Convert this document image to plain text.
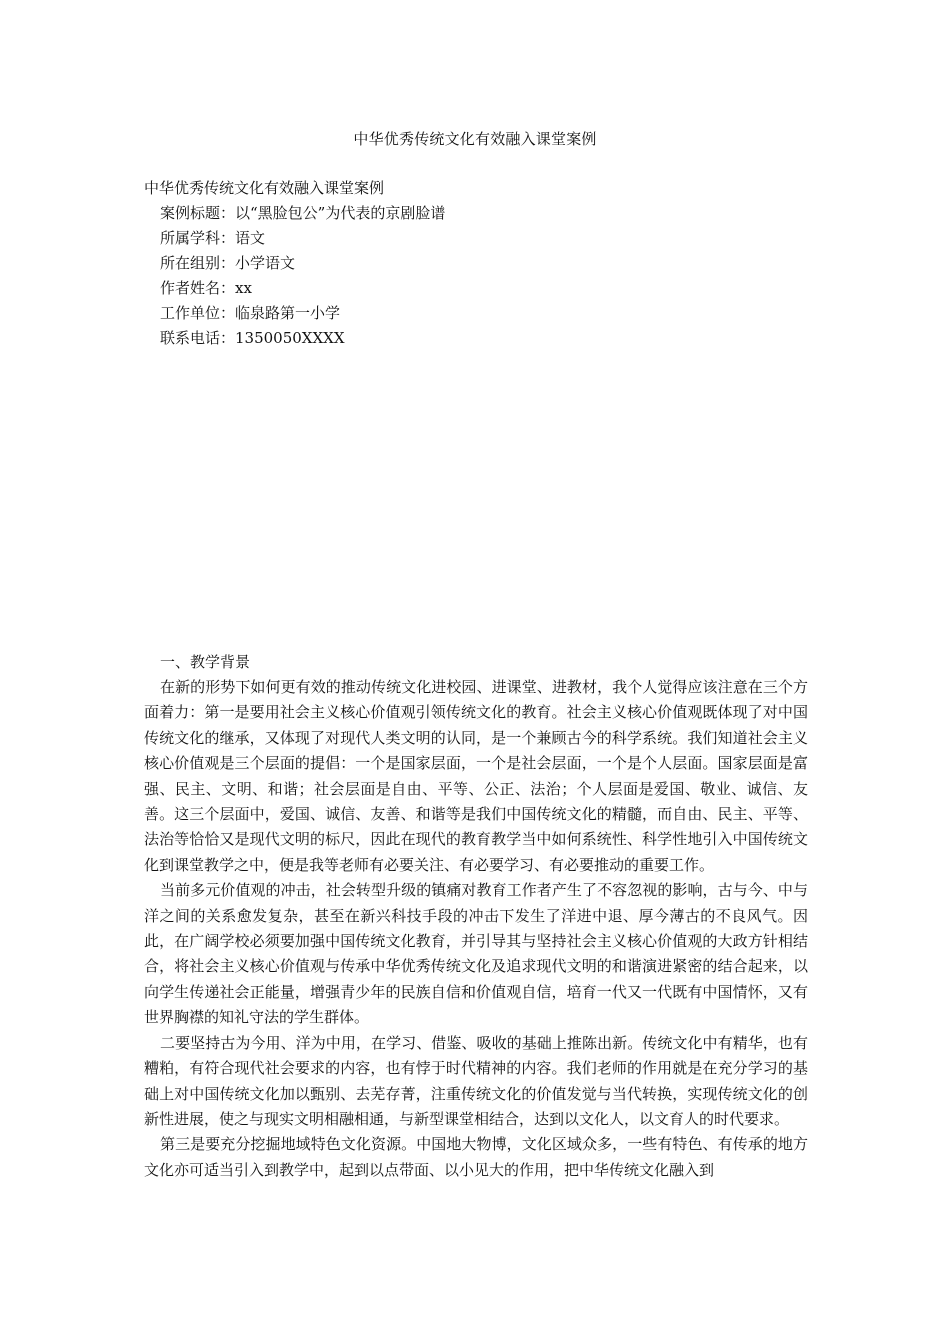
中华优秀传统文化有效融入课堂案例
中华优秀传统文化有效融入课堂案例
案例标题：以“黑脸包公”为代表的京剧脸谱
所属学科：语文
所在组别：小学语文
作者姓名：xx
工作单位：临泉路第一小学
联系电话：1350050XXXX
一、教学背景

在新的形势下如何更有效的推动传统文化进校园、进课堂、进教材，我个人觉得应该注意在三个方面着力：第一是要用社会主义核心价值观引领传统文化的教育。社会主义核心价值观既体现了对中国传统文化的继承，又体现了对现代人类文明的认同，是一个兼顾古今的科学系统。我们知道社会主义核心价值观是三个层面的提倡：一个是国家层面，一个是社会层面，一个是个人层面。国家层面是富强、民主、文明、和谐；社会层面是自由、平等、公正、法治；个人层面是爱国、敬业、诚信、友善。这三个层面中，爱国、诚信、友善、和谐等是我们中国传统文化的精髓，而自由、民主、平等、法治等恰恰又是现代文明的标尺，因此在现代的教育教学当中如何系统性、科学性地引入中国传统文化到课堂教学之中，便是我等老师有必要关注、有必要学习、有必要推动的重要工作。

当前多元价值观的冲击，社会转型升级的镇痛对教育工作者产生了不容忽视的影响，古与今、中与洋之间的关系愈发复杂，甚至在新兴科技手段的冲击下发生了洋进中退、厚今薄古的不良风气。因此，在广阔学校必须要加强中国传统文化教育，并引导其与坚持社会主义核心价值观的大政方针相结合，将社会主义核心价值观与传承中华优秀传统文化及追求现代文明的和谐演进紧密的结合起来，以向学生传递社会正能量，增强青少年的民族自信和价值观自信，培育一代又一代既有中国情怀，又有世界胸襟的知礼守法的学生群体。

二要坚持古为今用、洋为中用，在学习、借鉴、吸收的基础上推陈出新。传统文化中有精华，也有糟粕，有符合现代社会要求的内容，也有悖于时代精神的内容。我们老师的作用就是在充分学习的基础上对中国传统文化加以甄别、去芜存菁，注重传统文化的价值发觉与当代转换，实现传统文化的创新性进展，使之与现实文明相融相通，与新型课堂相结合，达到以文化人，以文育人的时代要求。

第三是要充分挖掘地域特色文化资源。中国地大物博，文化区域众多，一些有特色、有传承的地方文化亦可适当引入到教学中，起到以点带面、以小见大的作用，把中华传统文化融入到
